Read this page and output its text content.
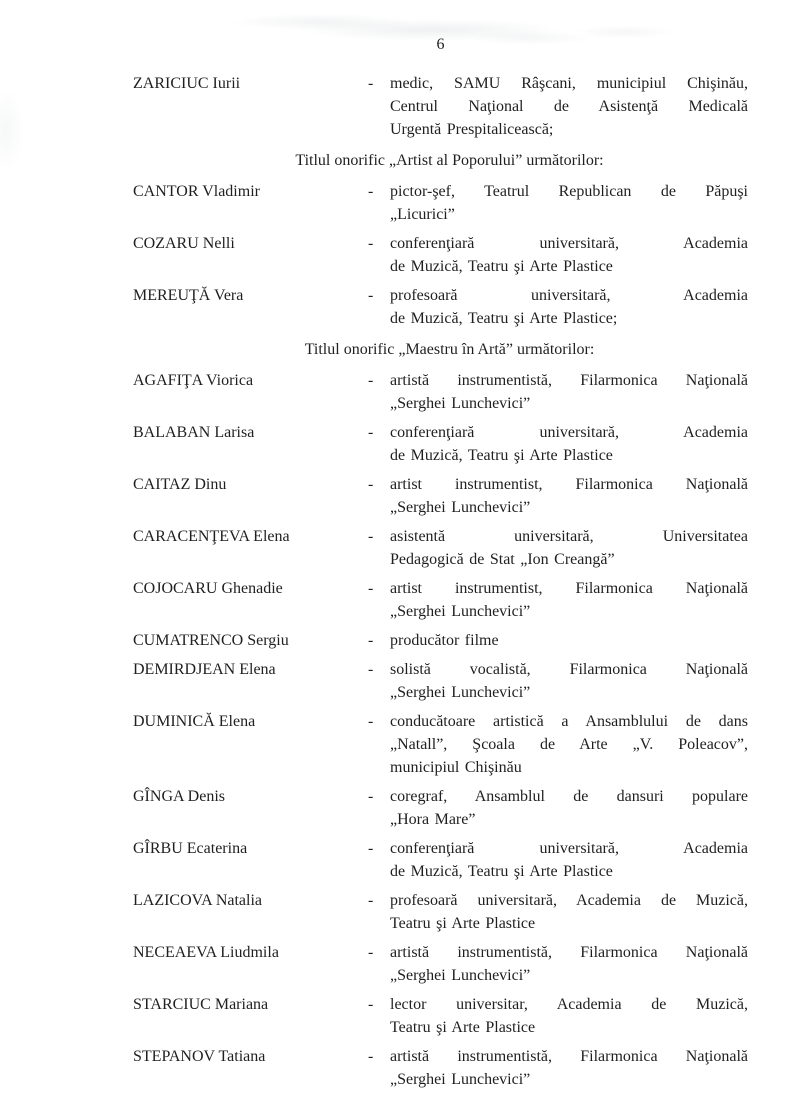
6
ZARICIUC Iurii	-	medic, SAMU Râşcani, municipiul Chişinău,
Centrul Naţional de Asistenţă Medicală
Urgentă Prespitalicească;
Titlul onorific „Artist al Poporului” următorilor:
CANTOR Vladimir	-	pictor-şef, Teatrul Republican de Păpuşi
„Licurici”
COZARU Nelli	-	conferenţiară universitară, Academia
de Muzică, Teatru şi Arte Plastice
MEREUŢĂ Vera	-	profesoară universitară, Academia
de Muzică, Teatru şi Arte Plastice;
Titlul onorific „Maestru în Artă” următorilor:
AGAFIŢA Viorica	-	artistă instrumentistă, Filarmonica Naţională
„Serghei Lunchevici”
BALABAN Larisa	-	conferenţiară universitară, Academia
de Muzică, Teatru şi Arte Plastice
CAITAZ Dinu	-	artist instrumentist, Filarmonica Naţională
„Serghei Lunchevici”
CARACENŢEVA Elena	-	asistentă universitară, Universitatea
Pedagogică de Stat „Ion Creangă”
COJOCARU Ghenadie	-	artist instrumentist, Filarmonica Naţională
„Serghei Lunchevici”
CUMATRENCO Sergiu	-	producător filme
DEMIRDJEAN Elena	-	solistă vocalistă, Filarmonica Naţională
„Serghei Lunchevici”
DUMINICĂ Elena	-	conducătoare artistică a Ansamblului de dans
„Natall”, Şcoala de Arte „V. Poleacov”,
municipiul Chişinău
GÎNGA Denis	-	coregraf, Ansamblul de dansuri populare
„Hora Mare”
GÎRBU Ecaterina	-	conferenţiară universitară, Academia
de Muzică, Teatru şi Arte Plastice
LAZICOVA Natalia	-	profesoară universitară, Academia de Muzică,
Teatru şi Arte Plastice
NECEAEVA Liudmila	-	artistă instrumentistă, Filarmonica Naţională
„Serghei Lunchevici”
STARCIUC Mariana	-	lector universitar, Academia de Muzică,
Teatru şi Arte Plastice
STEPANOV Tatiana	-	artistă instrumentistă, Filarmonica Naţională
„Serghei Lunchevici”
